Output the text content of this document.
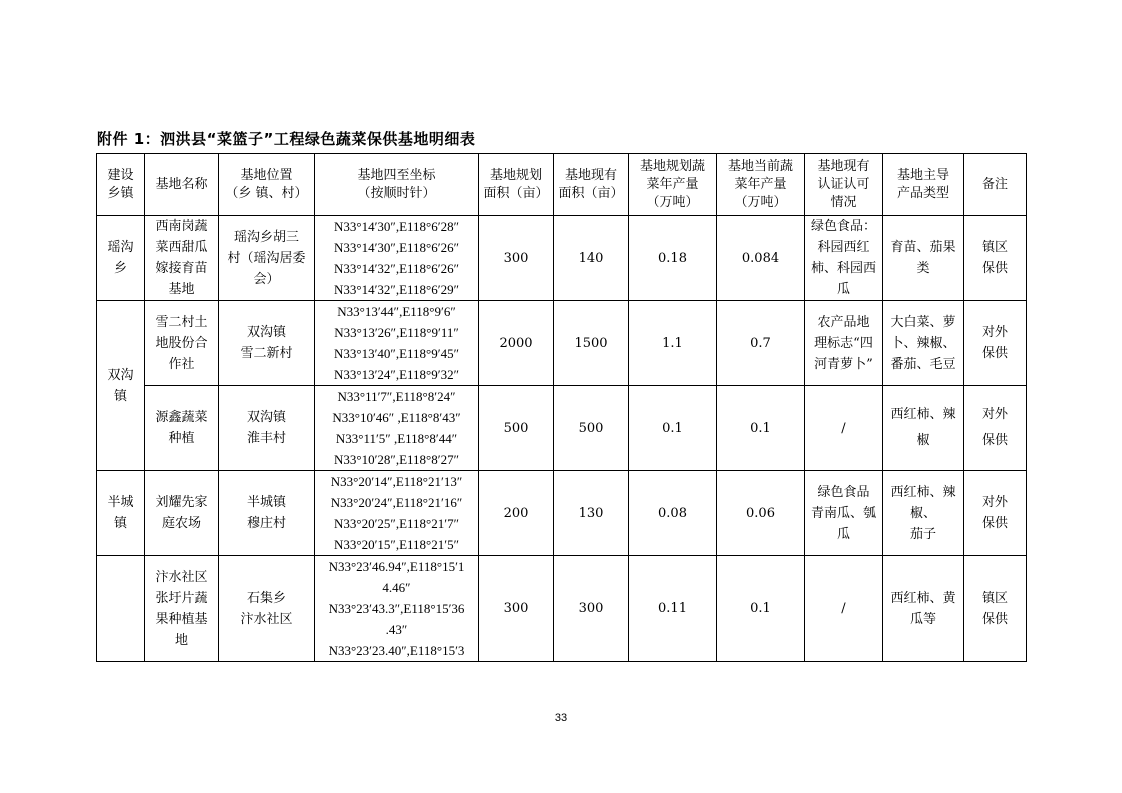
附件 1：泗洪县“菜篮子”工程绿色蔬菜保供基地明细表
建设
乡镇	基地名称	基地位置
（乡 镇、村）	基地四至坐标
（按顺时针）	基地规划
面积（亩）	基地现有
面积（亩）	基地规划蔬
菜年产量
（万吨）	基地当前蔬
菜年产量
（万吨）	基地现有
认证认可
情况	基地主导
产品类型	备注
瑶沟
乡	西南岗蔬
菜西甜瓜
嫁接育苗
基地	瑶沟乡胡三
村（瑶沟居委
会）	N33°14′30″,E118°6′28″
N33°14′30″,E118°6′26″
N33°14′32″,E118°6′26″
N33°14′32″,E118°6′29″	300	140	0.18	0.084	绿色食品：
科园西红
柿、科园西
瓜	育苗、茄果
类	镇区
保供
双沟
镇	雪二村土
地股份合
作社	双沟镇
雪二新村	N33°13′44″,E118°9′6″
N33°13′26″,E118°9′11″
N33°13′40″,E118°9′45″
N33°13′24″,E118°9′32″	2000	1500	1.1	0.7	农产品地
理标志“四
河青萝卜”	大白菜、萝
卜、辣椒、
番茄、毛豆	对外
保供
	源鑫蔬菜
种植	双沟镇
淮丰村	N33°11′7″,E118°8′24″
N33°10′46″ ,E118°8′43″
N33°11′5″ ,E118°8′44″
N33°10′28″,E118°8′27″	500	500	0.1	0.1	/	西红柿、辣
椒	对外
保供
半城
镇	刘耀先家
庭农场	半城镇
穆庄村	N33°20′14″,E118°21′13″
N33°20′24″,E118°21′16″
N33°20′25″,E118°21′7″
N33°20′15″,E118°21′5″	200	130	0.08	0.06	绿色食品
青南瓜、瓠
瓜	西红柿、辣
椒、
茄子	对外
保供
	汴水社区
张圩片蔬
果种植基
地	石集乡
汴水社区	N33°23′46.94″,E118°15′1
4.46″
N33°23′43.3″,E118°15′36
.43″
N33°23′23.40″,E118°15′3	300	300	0.11	0.1	/	西红柿、黄
瓜等	镇区
保供
33
